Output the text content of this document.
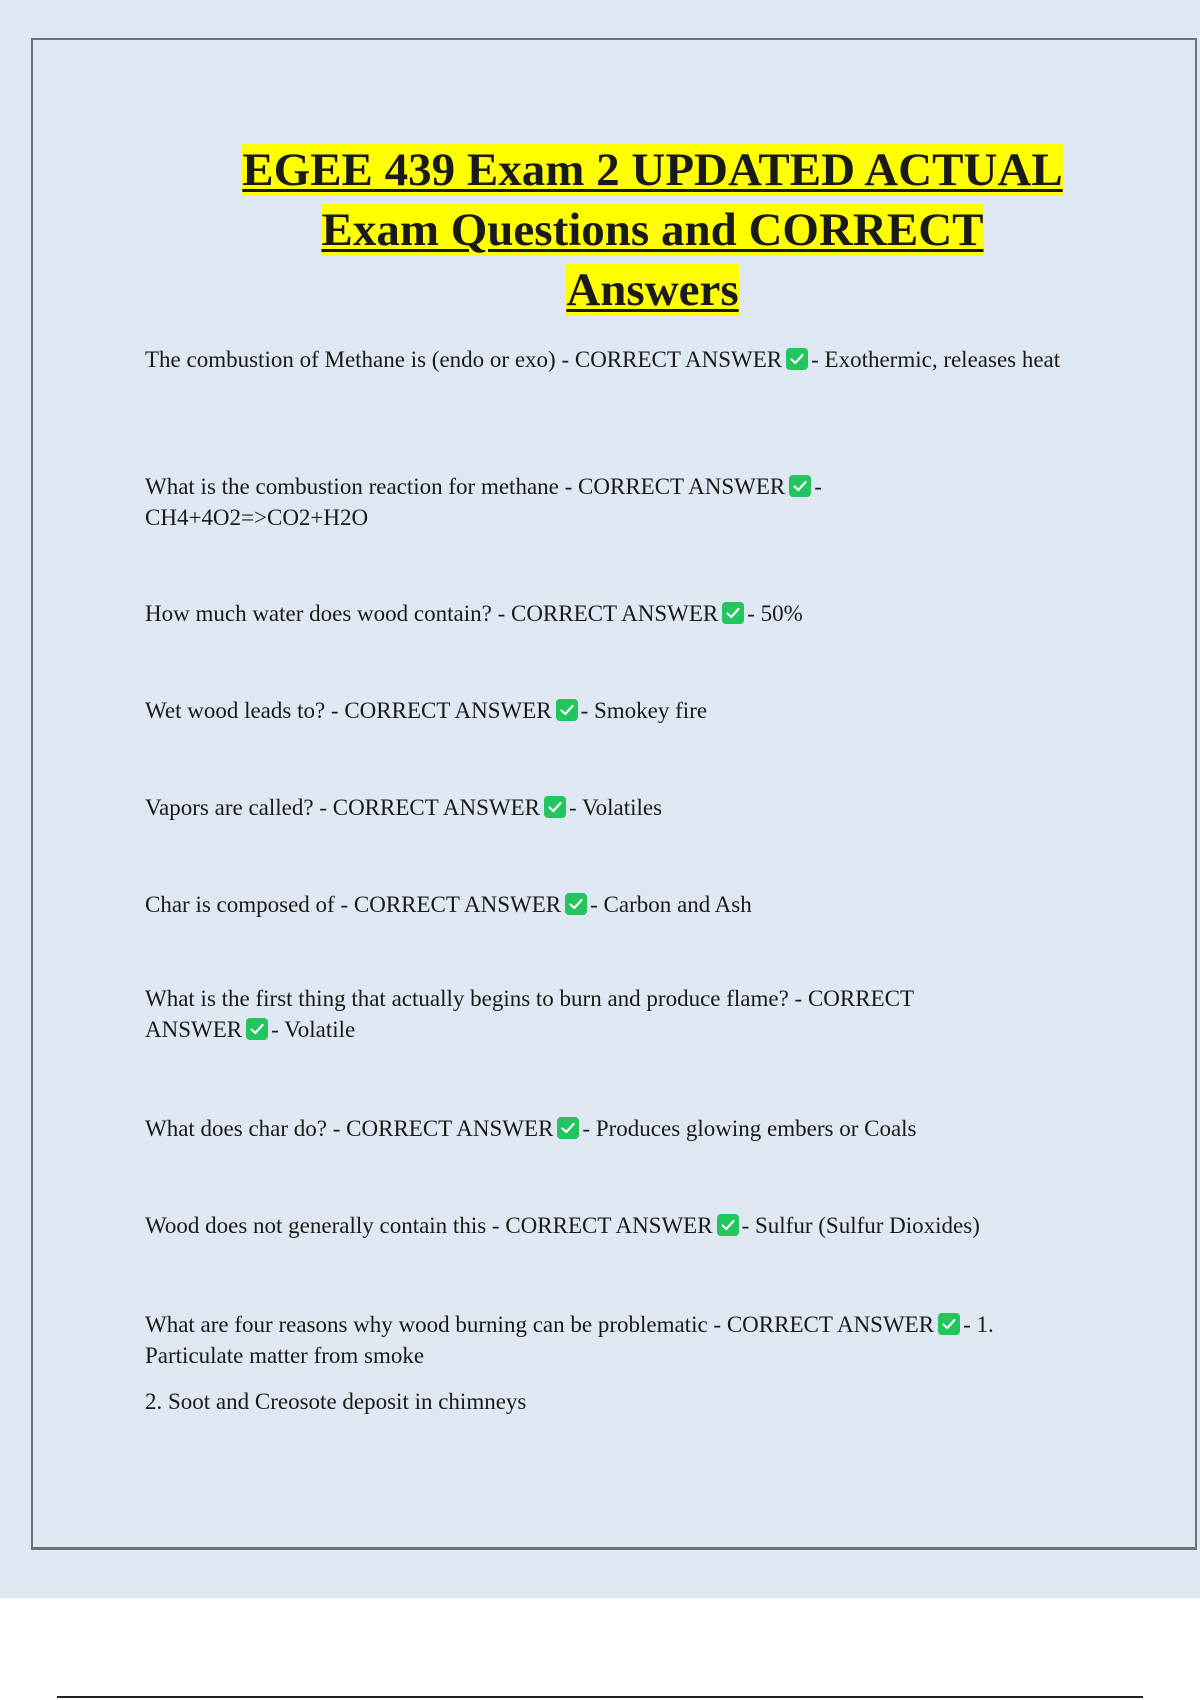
EGEE 439 Exam 2 UPDATED ACTUAL
Exam Questions and CORRECT
Answers

The combustion of Methane is (endo or exo) - CORRECT ANSWER - Exothermic, releases heat

What is the combustion reaction for methane - CORRECT ANSWER - CH4+4O2=>CO2+H2O

How much water does wood contain? - CORRECT ANSWER - 50%

Wet wood leads to? - CORRECT ANSWER - Smokey fire

Vapors are called? - CORRECT ANSWER - Volatiles

Char is composed of - CORRECT ANSWER - Carbon and Ash

What is the first thing that actually begins to burn and produce flame? - CORRECT ANSWER - Volatile

What does char do? - CORRECT ANSWER - Produces glowing embers or Coals

Wood does not generally contain this - CORRECT ANSWER - Sulfur (Sulfur Dioxides)

What are four reasons why wood burning can be problematic - CORRECT ANSWER - 1. Particulate matter from smoke

2. Soot and Creosote deposit in chimneys
